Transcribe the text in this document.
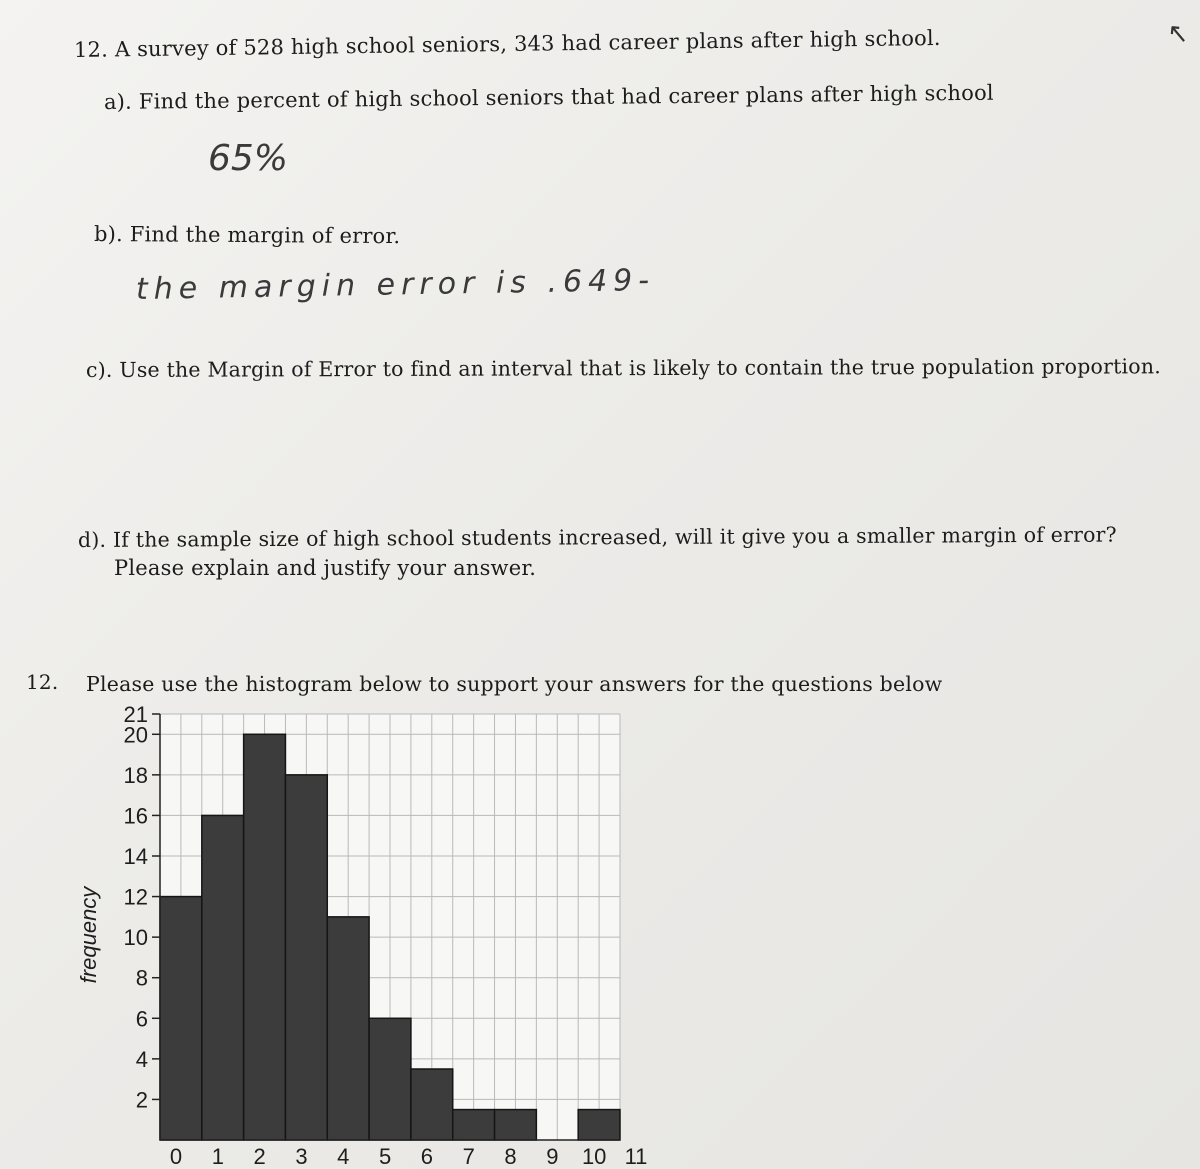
12. A survey of 528 high school seniors, 343 had career plans after high school.
a). Find the percent of high school seniors that had career plans after high school
65%
b). Find the margin of error.
the margin error is .649-
c). Use the Margin of Error to find an interval that is likely to contain the true population proportion.
d). If the sample size of high school students increased, will it give you a smaller margin of error?
Please explain and justify your answer.
12. Please use the histogram below to support your answers for the questions below
↑
2
4
6
8
10
12
14
16
18
20
21
0 1 2 3 4 5 6 7 8 9 10 11
frequency
